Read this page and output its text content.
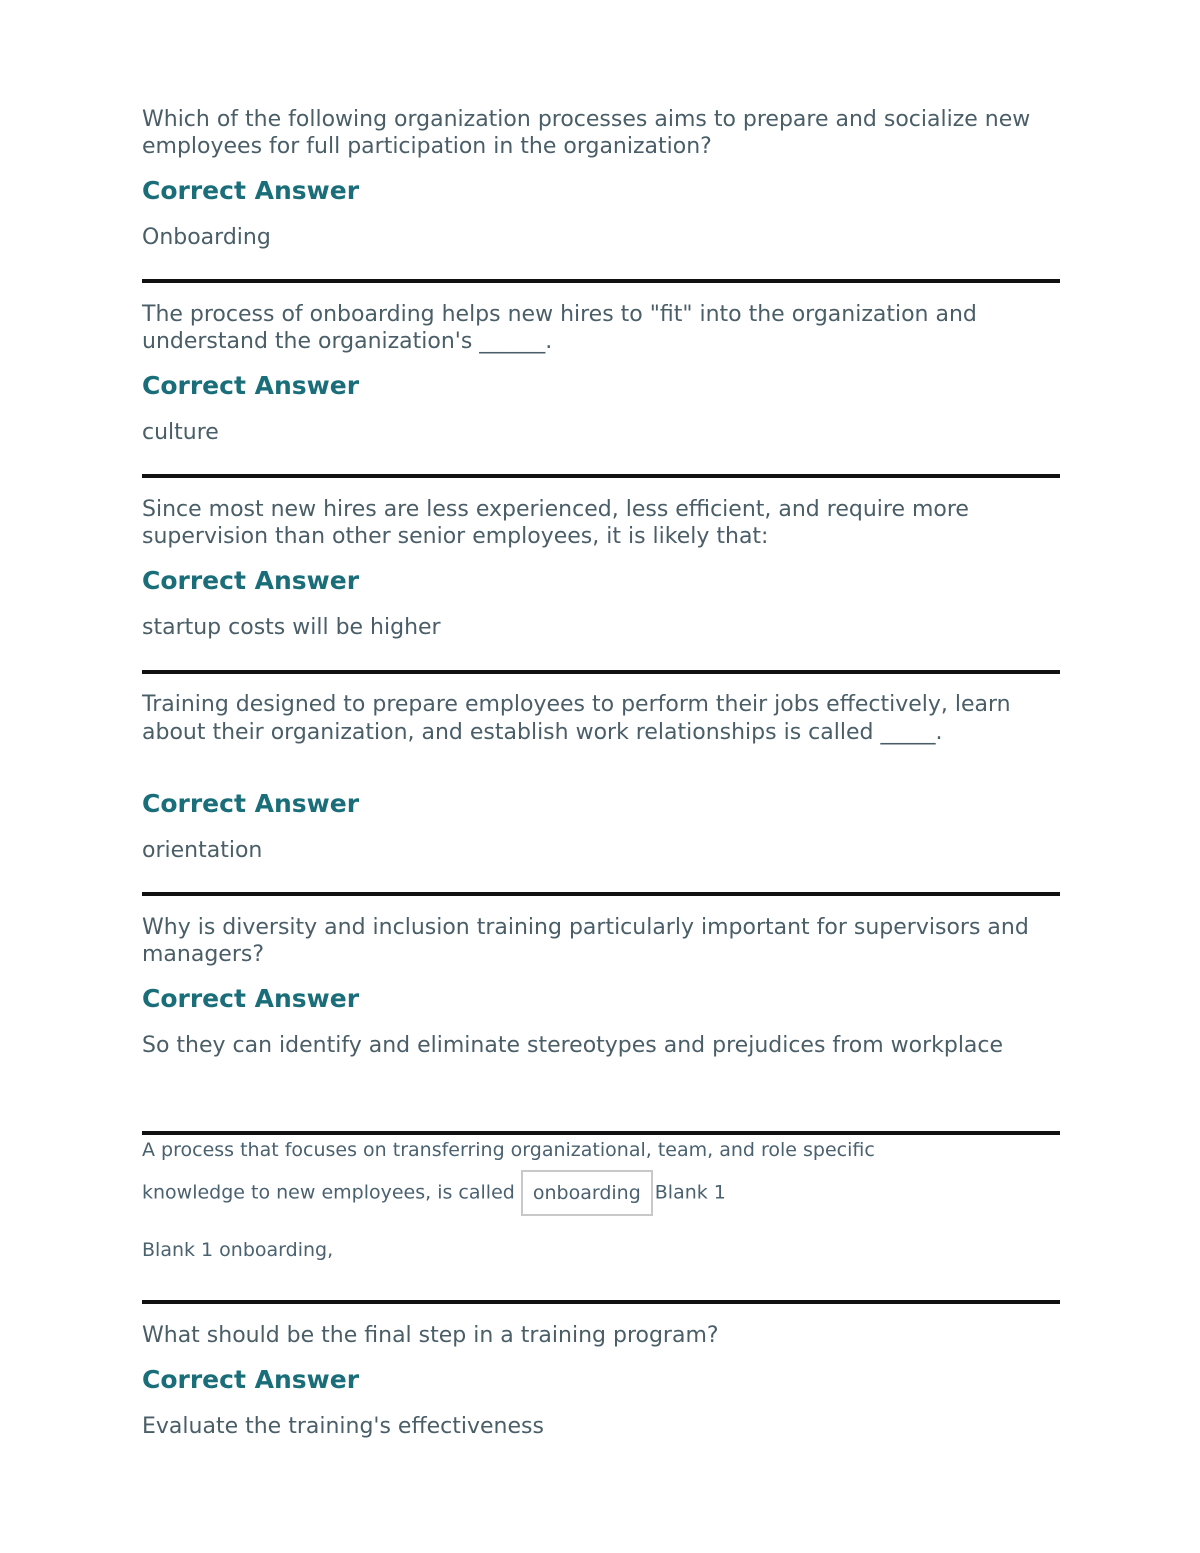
Which of the following organization processes aims to prepare and socialize new employees for full participation in the organization?

Correct Answer

Onboarding

The process of onboarding helps new hires to "fit" into the organization and understand the organization's ______.

Correct Answer

culture

Since most new hires are less experienced, less efficient, and require more supervision than other senior employees, it is likely that:

Correct Answer

startup costs will be higher

Training designed to prepare employees to perform their jobs effectively, learn about their organization, and establish work relationships is called _____.

Correct Answer

orientation

Why is diversity and inclusion training particularly important for supervisors and managers?

Correct Answer

So they can identify and eliminate stereotypes and prejudices from workplace

A process that focuses on transferring organizational, team, and role specific

knowledge to new employees, is called onboarding Blank 1

Blank 1 onboarding,

What should be the final step in a training program?

Correct Answer

Evaluate the training's effectiveness
